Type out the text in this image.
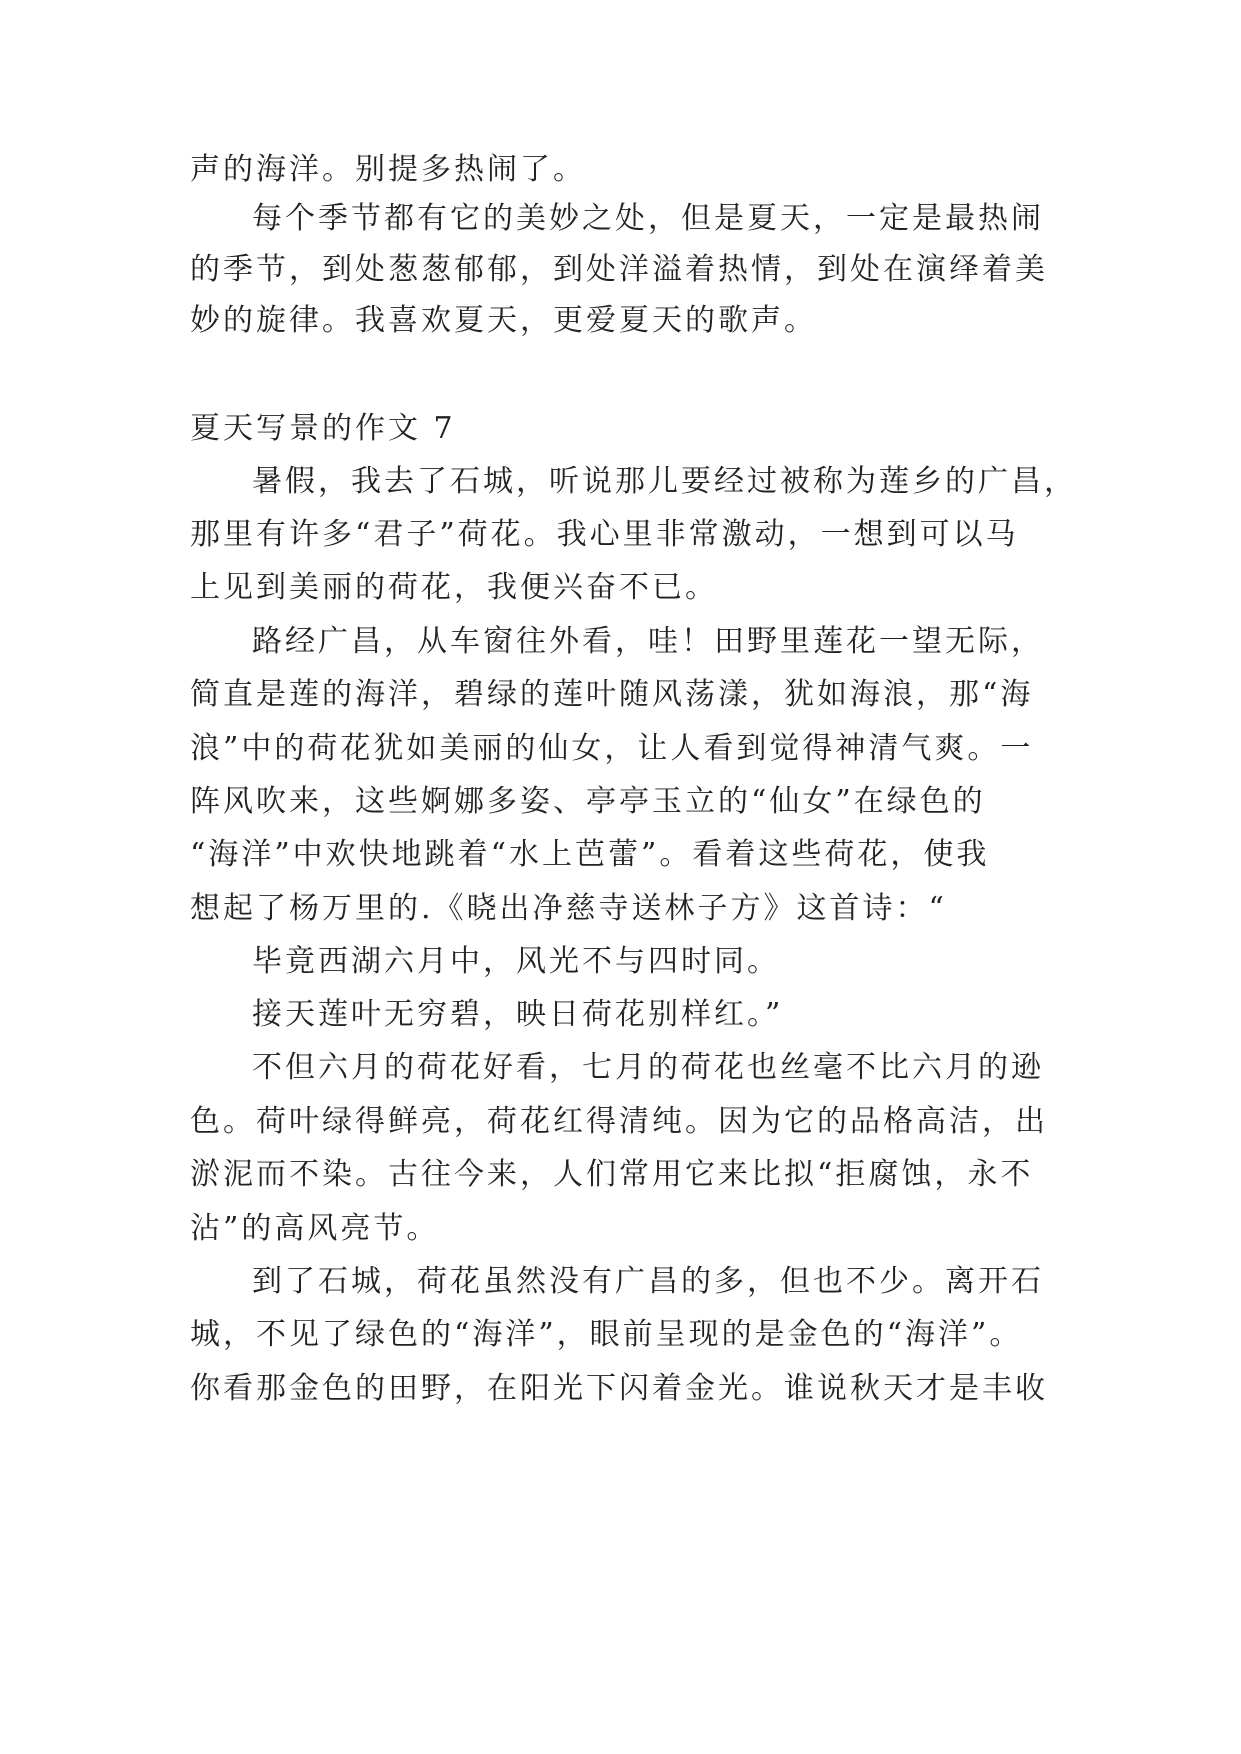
声的海洋。别提多热闹了。
每个季节都有它的美妙之处，但是夏天，一定是最热闹
的季节，到处葱葱郁郁，到处洋溢着热情，到处在演绎着美
妙的旋律。我喜欢夏天，更爱夏天的歌声。
夏天写景的作文 7
暑假，我去了石城，听说那儿要经过被称为莲乡的广昌，
那里有许多“君子”荷花。我心里非常激动，一想到可以马
上见到美丽的荷花，我便兴奋不已。
路经广昌，从车窗往外看，哇！田野里莲花一望无际，
简直是莲的海洋，碧绿的莲叶随风荡漾，犹如海浪，那“海
浪”中的荷花犹如美丽的仙女，让人看到觉得神清气爽。一
阵风吹来，这些婀娜多姿、亭亭玉立的“仙女”在绿色的
“海洋”中欢快地跳着“水上芭蕾”。看着这些荷花，使我
想起了杨万里的.《晓出净慈寺送林子方》这首诗：“
毕竟西湖六月中，风光不与四时同。
接天莲叶无穷碧，映日荷花别样红。”
不但六月的荷花好看，七月的荷花也丝毫不比六月的逊
色。荷叶绿得鲜亮，荷花红得清纯。因为它的品格高洁，出
淤泥而不染。古往今来，人们常用它来比拟“拒腐蚀，永不
沾”的高风亮节。
到了石城，荷花虽然没有广昌的多，但也不少。离开石
城，不见了绿色的“海洋”，眼前呈现的是金色的“海洋”。
你看那金色的田野，在阳光下闪着金光。谁说秋天才是丰收
